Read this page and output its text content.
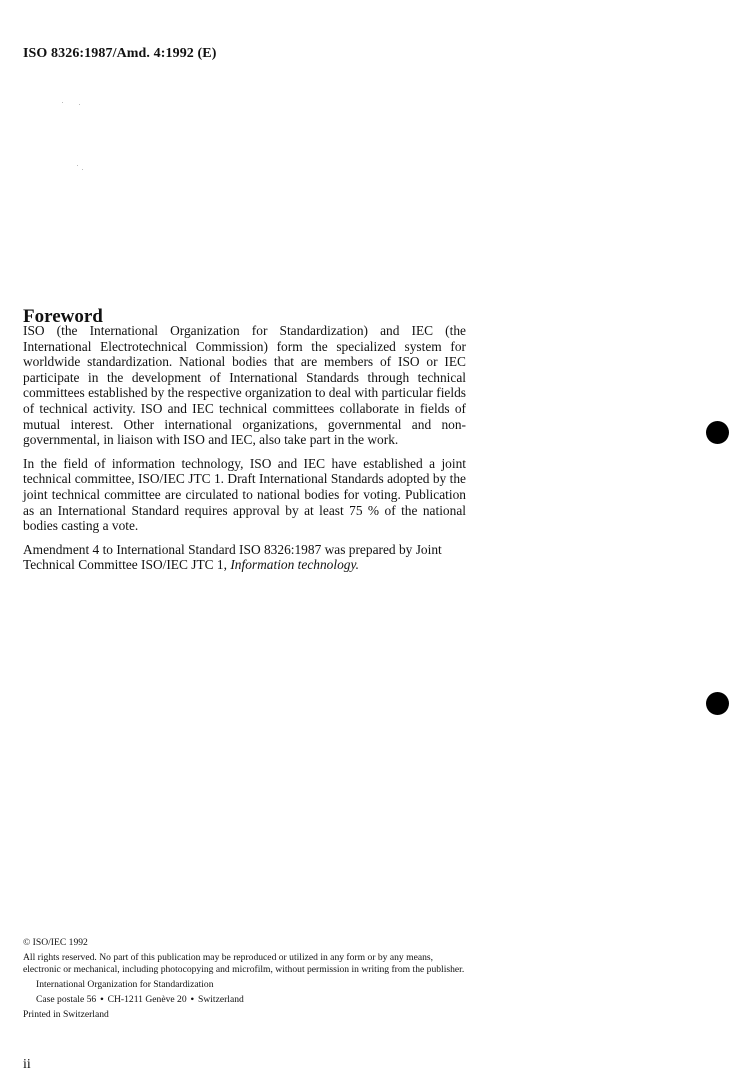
ISO 8326:1987/Amd. 4:1992 (E)
Foreword

ISO (the International Organization for Standardization) and IEC (the International Electrotechnical Commission) form the specialized system for worldwide standardization. National bodies that are members of ISO or IEC participate in the development of International Standards through technical committees established by the respective organization to deal with particular fields of technical activity. ISO and IEC technical committees collaborate in fields of mutual interest. Other international organizations, governmental and non-governmental, in liaison with ISO and IEC, also take part in the work.

In the field of information technology, ISO and IEC have established a joint technical committee, ISO/IEC JTC 1. Draft International Standards adopted by the joint technical committee are circulated to national bodies for voting. Publication as an International Standard requires approval by at least 75 % of the national bodies casting a vote.

Amendment 4 to International Standard ISO 8326:1987 was prepared by Joint Technical Committee ISO/IEC JTC 1, Information technology.

© ISO/IEC 1992
All rights reserved. No part of this publication may be reproduced or utilized in any form or by any means, electronic or mechanical, including photocopying and microfilm, without permission in writing from the publisher.
International Organization for Standardization
Case postale 56 • CH-1211 Genève 20 • Switzerland
Printed in Switzerland
ii
